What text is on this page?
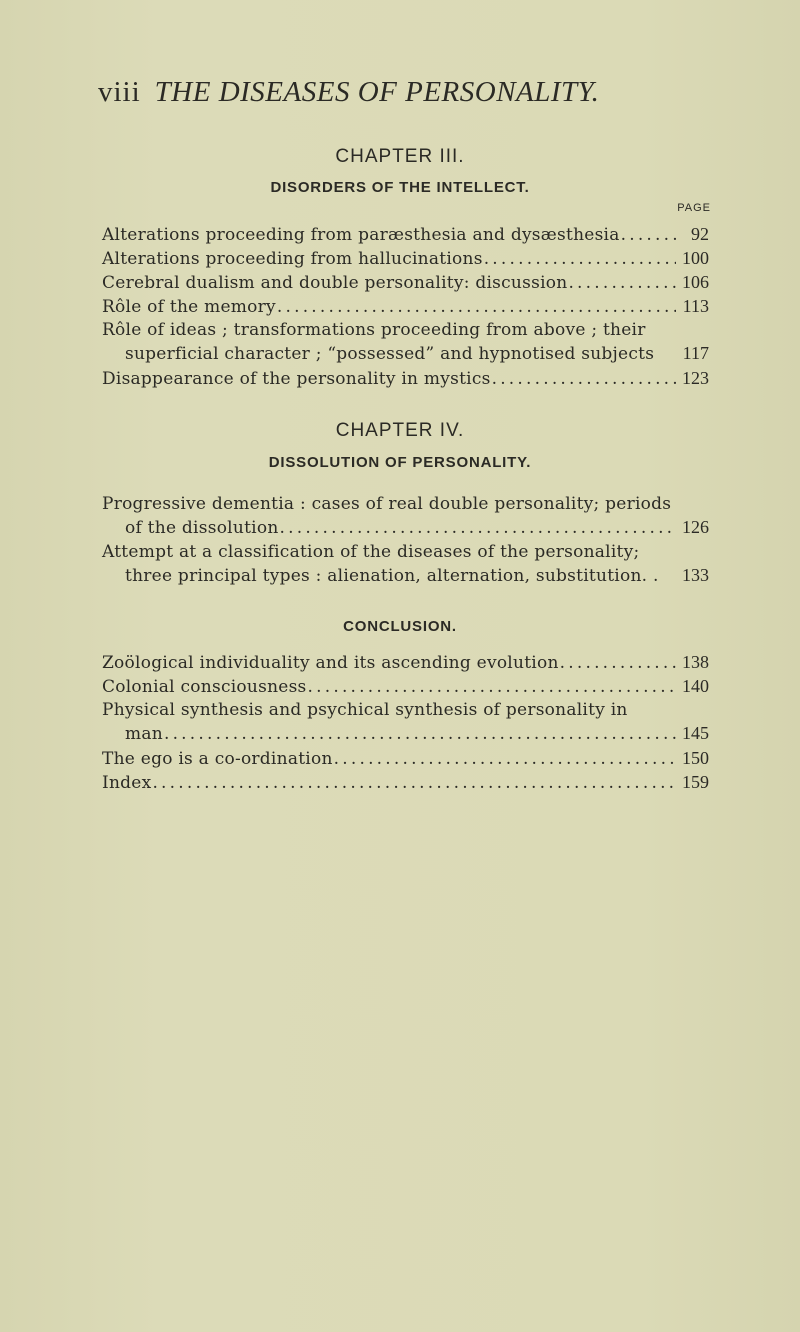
viii THE DISEASES OF PERSONALITY.
CHAPTER III.
DISORDERS OF THE INTELLECT.
PAGE
Alterations proceeding from paræsthesia and dysæsthesia .....	92
Alterations proceeding from hallucinations .....	100
Cerebral dualism and double personality: discussion .....	106
Rôle of the memory .....	113
Rôle of ideas ; transformations proceeding from above ; their
superficial character ; “possessed” and hypnotised subjects 117
Disappearance of the personality in mystics .....	123
CHAPTER IV.
DISSOLUTION OF PERSONALITY.
Progressive dementia : cases of real double personality; periods
of the dissolution .....	126
Attempt at a classification of the diseases of the personality;
three principal types : alienation, alternation, substitution. . 133
CONCLUSION.
Zoölogical individuality and its ascending evolution .....	138
Colonial consciousness .....	140
Physical synthesis and psychical synthesis of personality in
man .....	145
The ego is a co-ordination .....	150
Index .....	159
